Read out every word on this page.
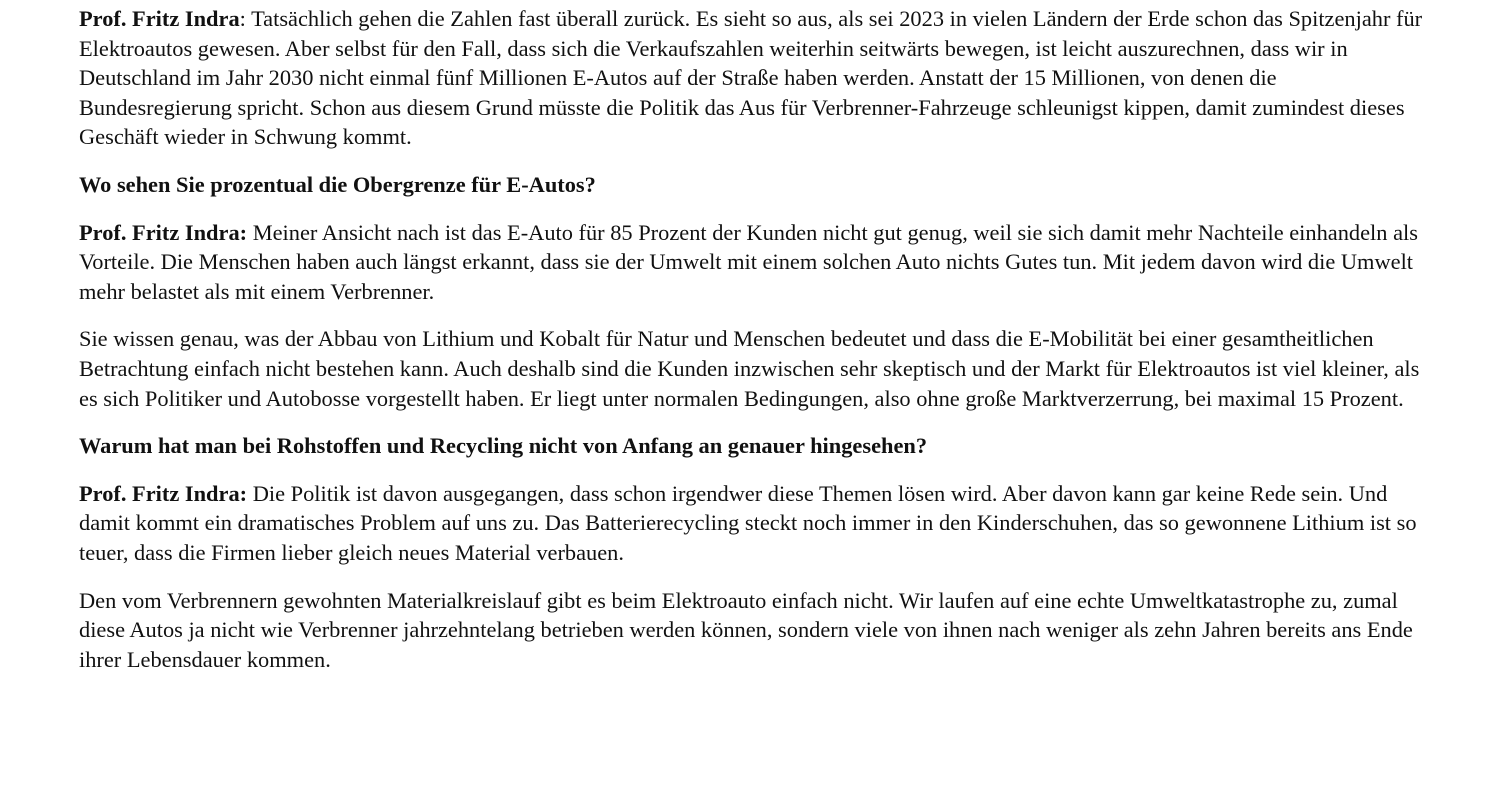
Prof. Fritz Indra: Tatsächlich gehen die Zahlen fast überall zurück. Es sieht so aus, als sei 2023 in vielen Ländern der Erde schon das Spitzenjahr für Elektroautos gewesen. Aber selbst für den Fall, dass sich die Verkaufszahlen weiterhin seitwärts bewegen, ist leicht auszurechnen, dass wir in Deutschland im Jahr 2030 nicht einmal fünf Millionen E-Autos auf der Straße haben werden. Anstatt der 15 Millionen, von denen die Bundesregierung spricht. Schon aus diesem Grund müsste die Politik das Aus für Verbrenner-Fahrzeuge schleunigst kippen, damit zumindest dieses Geschäft wieder in Schwung kommt.

Wo sehen Sie prozentual die Obergrenze für E-Autos?

Prof. Fritz Indra: Meiner Ansicht nach ist das E-Auto für 85 Prozent der Kunden nicht gut genug, weil sie sich damit mehr Nachteile einhandeln als Vorteile. Die Menschen haben auch längst erkannt, dass sie der Umwelt mit einem solchen Auto nichts Gutes tun. Mit jedem davon wird die Umwelt mehr belastet als mit einem Verbrenner.

Sie wissen genau, was der Abbau von Lithium und Kobalt für Natur und Menschen bedeutet und dass die E-Mobilität bei einer gesamtheitlichen Betrachtung einfach nicht bestehen kann. Auch deshalb sind die Kunden inzwischen sehr skeptisch und der Markt für Elektroautos ist viel kleiner, als es sich Politiker und Autobosse vorgestellt haben. Er liegt unter normalen Bedingungen, also ohne große Marktverzerrung, bei maximal 15 Prozent.

Warum hat man bei Rohstoffen und Recycling nicht von Anfang an genauer hingesehen?

Prof. Fritz Indra: Die Politik ist davon ausgegangen, dass schon irgendwer diese Themen lösen wird. Aber davon kann gar keine Rede sein. Und damit kommt ein dramatisches Problem auf uns zu. Das Batterierecycling steckt noch immer in den Kinderschuhen, das so gewonnene Lithium ist so teuer, dass die Firmen lieber gleich neues Material verbauen.

Den vom Verbrennern gewohnten Materialkreislauf gibt es beim Elektroauto einfach nicht. Wir laufen auf eine echte Umweltkatastrophe zu, zumal diese Autos ja nicht wie Verbrenner jahrzehntelang betrieben werden können, sondern viele von ihnen nach weniger als zehn Jahren bereits ans Ende ihrer Lebensdauer kommen.
